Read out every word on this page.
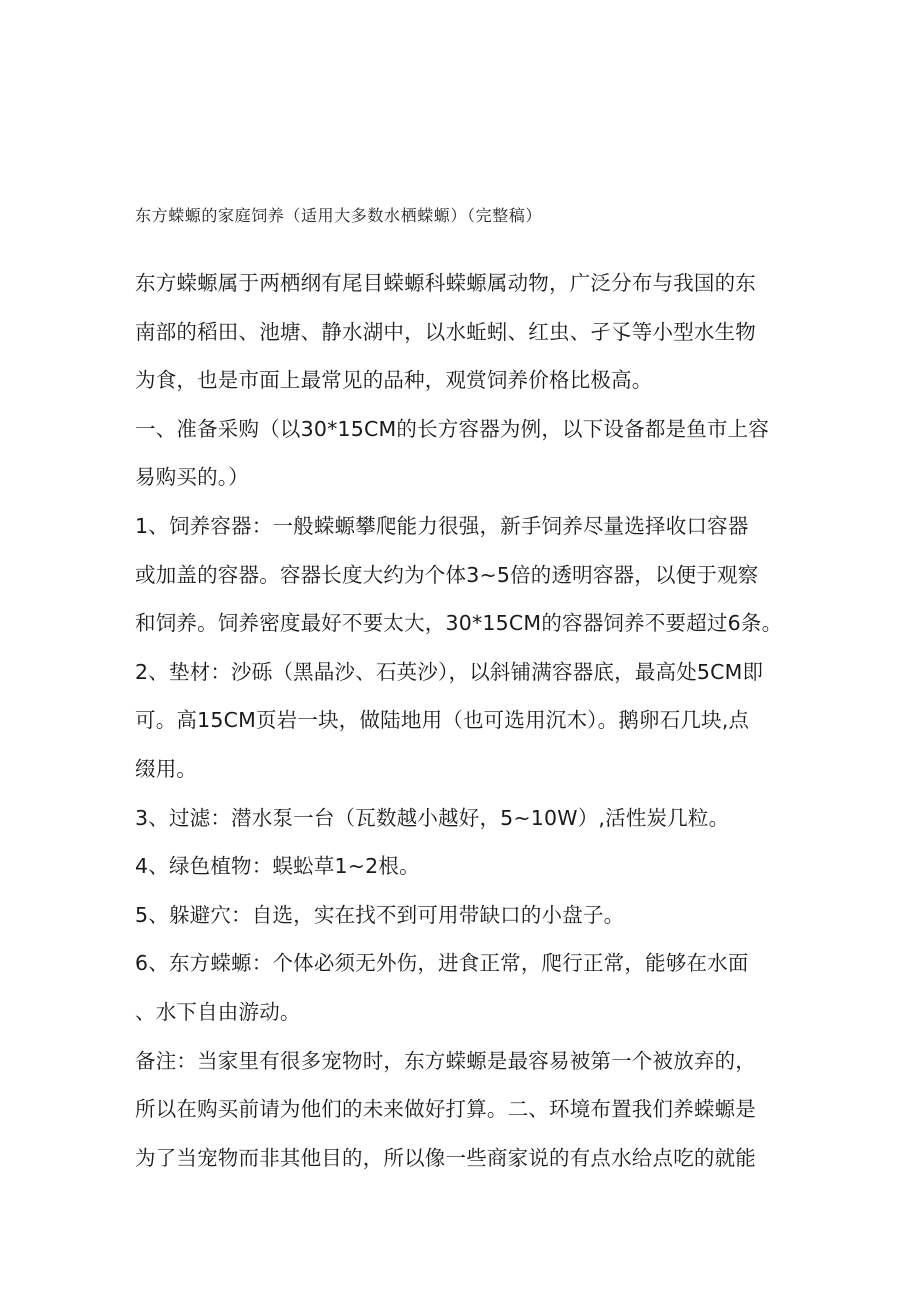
东方蝾螈的家庭饲养（适用大多数水栖蝾螈）（完整稿）
东方蝾螈属于两栖纲有尾目蝾螈科蝾螈属动物，广泛分布与我国的东
南部的稻田、池塘、静水湖中，以水蚯蚓、红虫、孑孓等小型水生物
为食，也是市面上最常见的品种，观赏饲养价格比极高。
一、准备采购（以30*15CM的长方容器为例，以下设备都是鱼市上容
易购买的。）
1、饲养容器：一般蝾螈攀爬能力很强，新手饲养尽量选择收口容器
或加盖的容器。容器长度大约为个体3~5倍的透明容器，以便于观察
和饲养。饲养密度最好不要太大，30*15CM的容器饲养不要超过6条。
2、垫材：沙砾（黑晶沙、石英沙），以斜铺满容器底，最高处5CM即
可。高15CM页岩一块，做陆地用（也可选用沉木）。鹅卵石几块,点
缀用。
3、过滤：潜水泵一台（瓦数越小越好，5~10W）,活性炭几粒。
4、绿色植物：蜈蚣草1~2根。
5、躲避穴：自选，实在找不到可用带缺口的小盘子。
6、东方蝾螈：个体必须无外伤，进食正常，爬行正常，能够在水面
、水下自由游动。
备注：当家里有很多宠物时，东方蝾螈是最容易被第一个被放弃的，
所以在购买前请为他们的未来做好打算。二、环境布置我们养蝾螈是
为了当宠物而非其他目的，所以像一些商家说的有点水给点吃的就能
